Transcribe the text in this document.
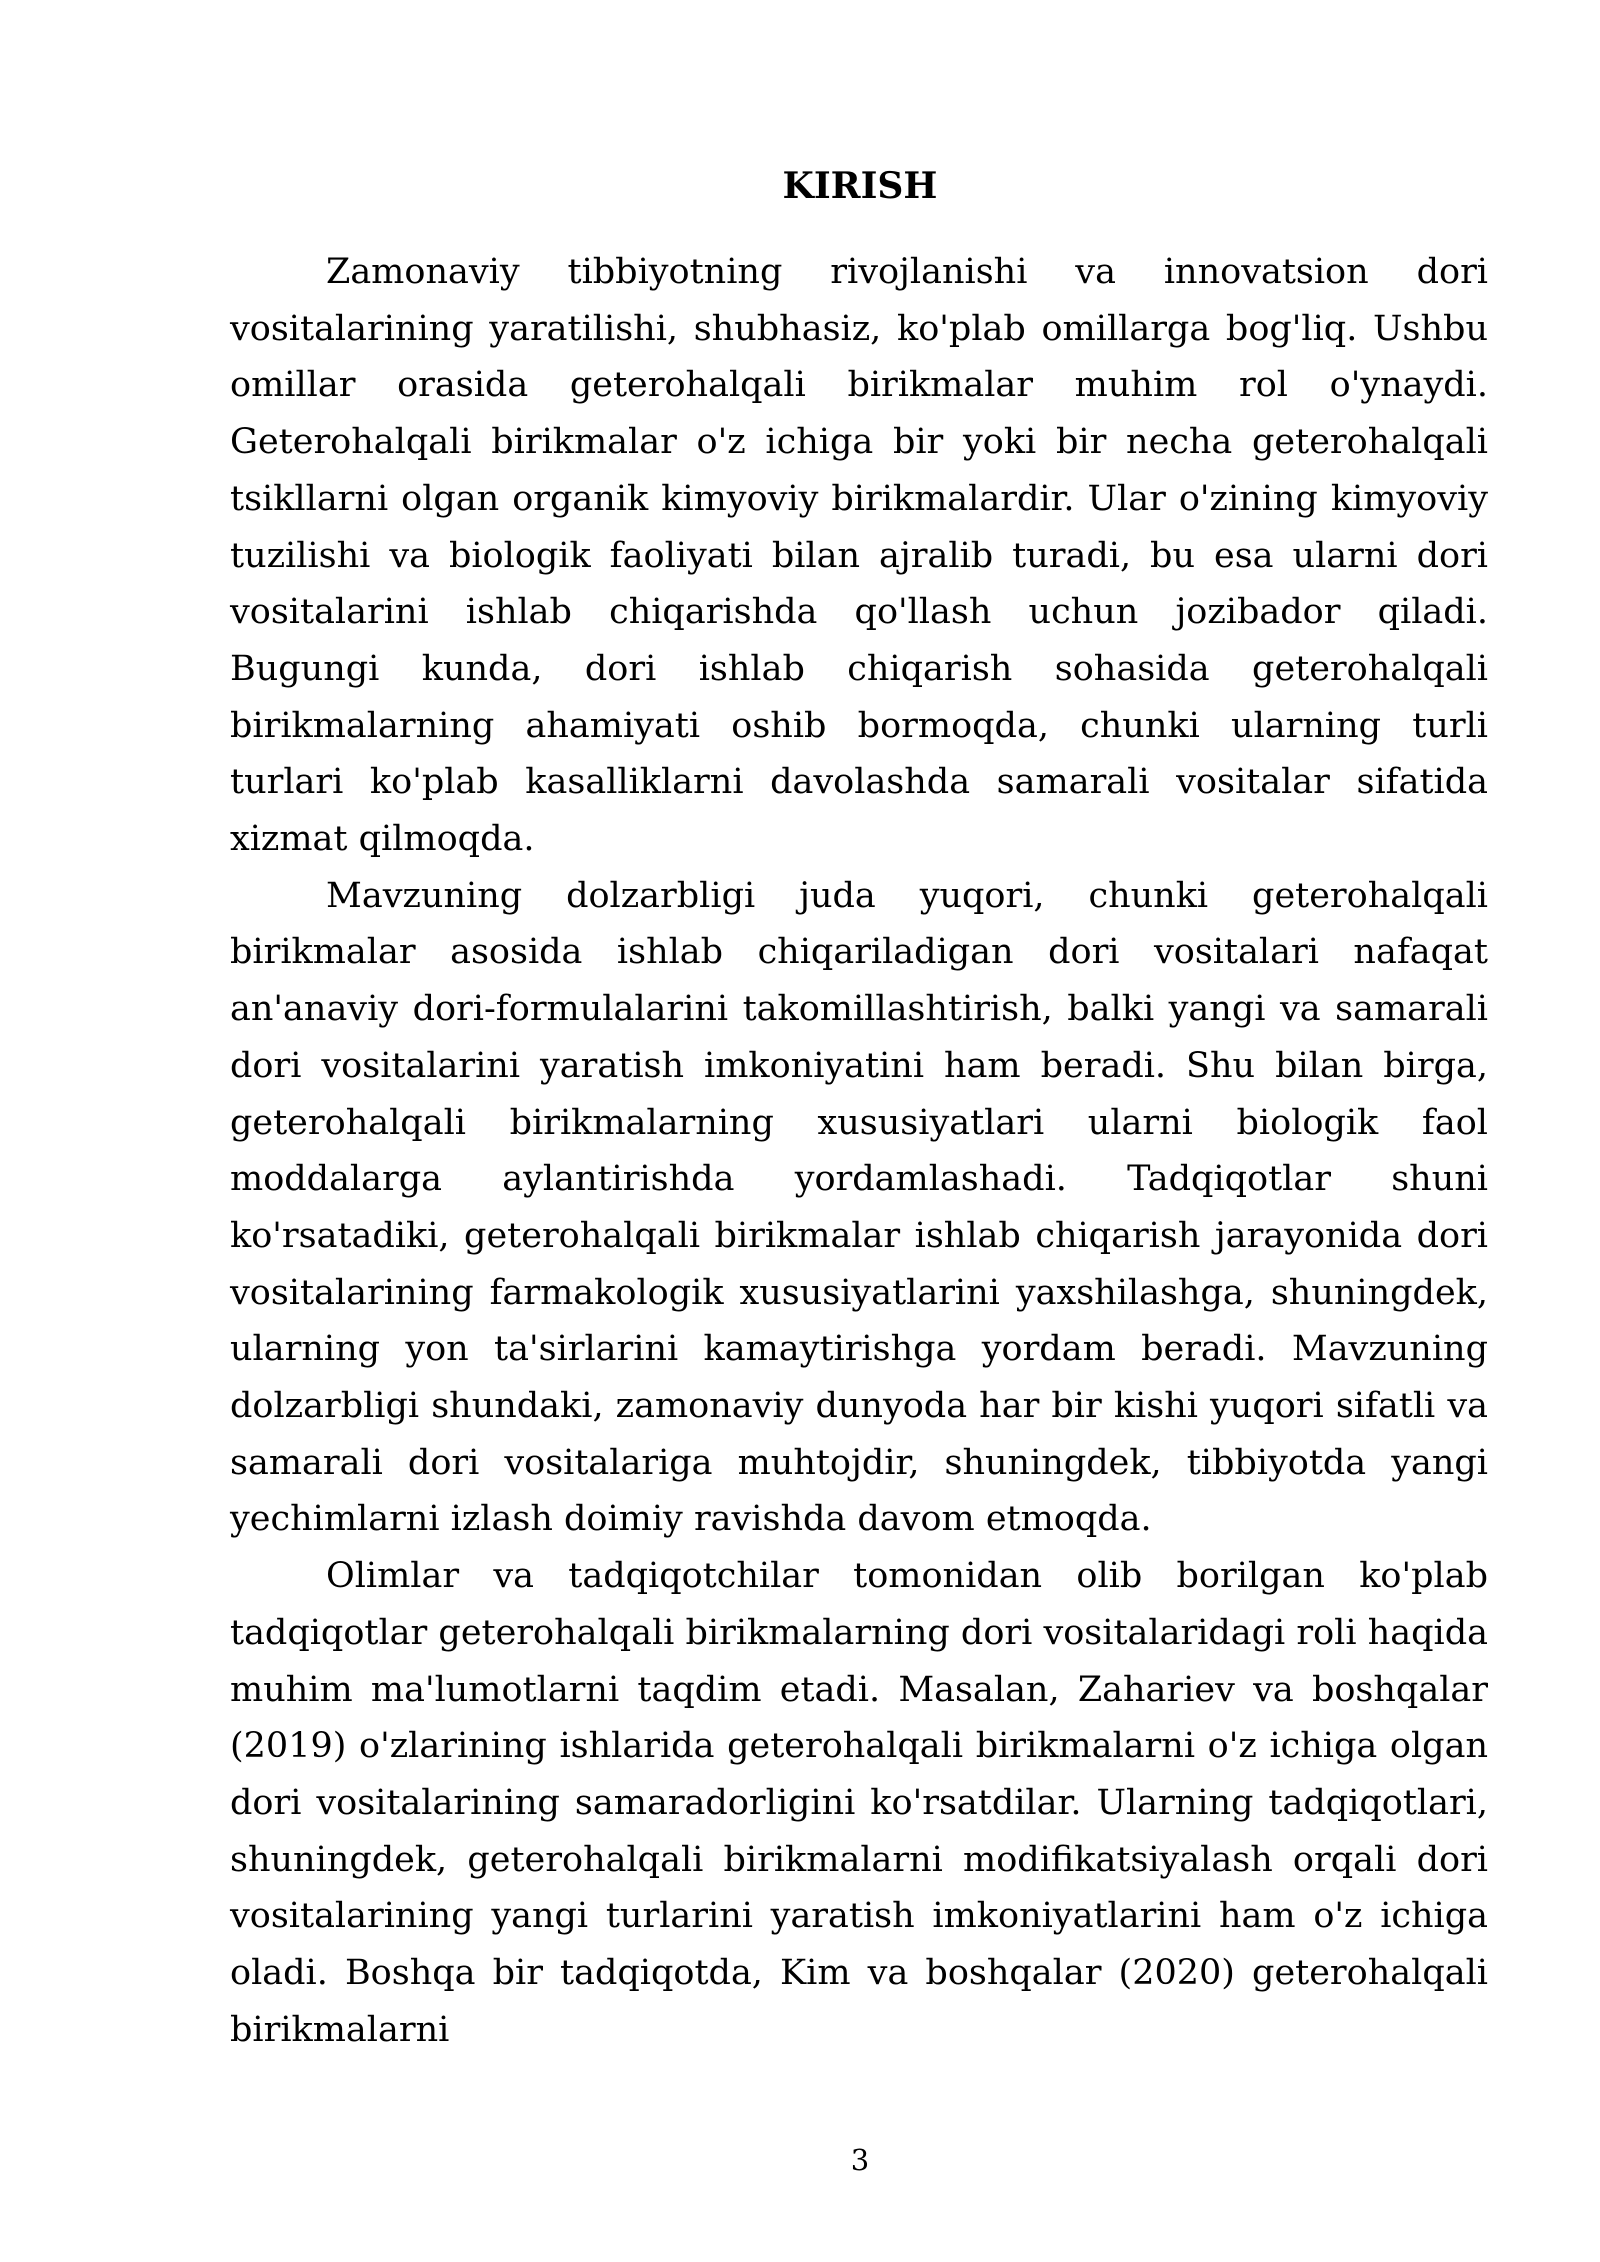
KIRISH

Zamonaviy tibbiyotning rivojlanishi va innovatsion dori vositalarining yaratilishi, shubhasiz, ko'plab omillarga bog'liq. Ushbu omillar orasida geterohalqali birikmalar muhim rol o'ynaydi. Geterohalqali birikmalar o'z ichiga bir yoki bir necha geterohalqali tsikllarni olgan organik kimyoviy birikmalardir. Ular o'zining kimyoviy tuzilishi va biologik faoliyati bilan ajralib turadi, bu esa ularni dori vositalarini ishlab chiqarishda qo'llash uchun jozibador qiladi. Bugungi kunda, dori ishlab chiqarish sohasida geterohalqali birikmalarning ahamiyati oshib bormoqda, chunki ularning turli turlari ko'plab kasalliklarni davolashda samarali vositalar sifatida xizmat qilmoqda.

Mavzuning dolzarbligi juda yuqori, chunki geterohalqali birikmalar asosida ishlab chiqariladigan dori vositalari nafaqat an'anaviy dori-formulalarini takomillashtirish, balki yangi va samarali dori vositalarini yaratish imkoniyatini ham beradi. Shu bilan birga, geterohalqali birikmalarning xususiyatlari ularni biologik faol moddalarga aylantirishda yordamlashadi. Tadqiqotlar shuni ko'rsatadiki, geterohalqali birikmalar ishlab chiqarish jarayonida dori vositalarining farmakologik xususiyatlarini yaxshilashga, shuningdek, ularning yon ta'sirlarini kamaytirishga yordam beradi. Mavzuning dolzarbligi shundaki, zamonaviy dunyoda har bir kishi yuqori sifatli va samarali dori vositalariga muhtojdir, shuningdek, tibbiyotda yangi yechimlarni izlash doimiy ravishda davom etmoqda.

Olimlar va tadqiqotchilar tomonidan olib borilgan ko'plab tadqiqotlar geterohalqali birikmalarning dori vositalaridagi roli haqida muhim ma'lumotlarni taqdim etadi. Masalan, Zahariev va boshqalar (2019) o'zlarining ishlarida geterohalqali birikmalarni o'z ichiga olgan dori vositalarining samaradorligini ko'rsatdilar. Ularning tadqiqotlari, shuningdek, geterohalqali birikmalarni modifikatsiyalash orqali dori vositalarining yangi turlarini yaratish imkoniyatlarini ham o'z ichiga oladi. Boshqa bir tadqiqotda, Kim va boshqalar (2020) geterohalqali birikmalarni

3
